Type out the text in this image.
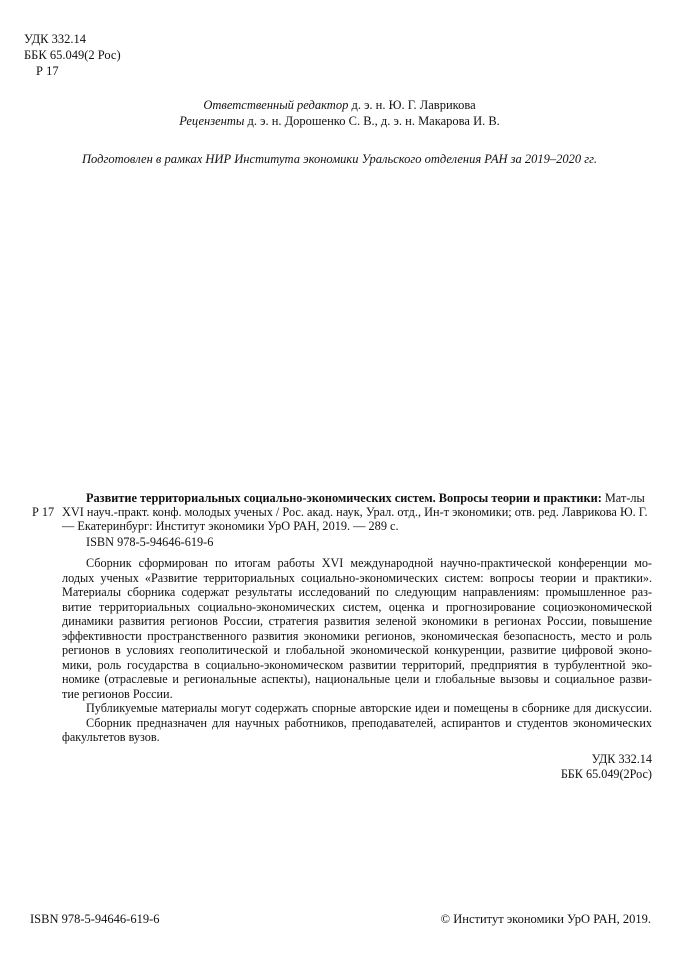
УДК 332.14
ББК 65.049(2 Рос)
Р 17
Ответственный редактор д. э. н. Ю. Г. Лаврикова
Рецензенты д. э. н. Дорошенко С. В., д. э. н. Макарова И. В.
Подготовлен в рамках НИР Института экономики Уральского отделения РАН за 2019–2020 гг.
Р 17
Развитие территориальных социально-экономических систем. Вопросы теории и практики: Мат-лы
XVI науч.-практ. конф. молодых ученых / Рос. акад. наук, Урал. отд., Ин-т экономики; отв. ред. Лаврикова Ю. Г.
— Екатеринбург: Институт экономики УрО РАН, 2019. — 289 с.
ISBN 978-5-94646-619-6
Сборник сформирован по итогам работы XVI международной научно-практической конференции мо-
лодых ученых «Развитие территориальных социально-экономических систем: вопросы теории и практики».
Материалы сборника содержат результаты исследований по следующим направлениям: промышленное раз-
витие территориальных социально-экономических систем, оценка и прогнозирование социоэкономической
динамики развития регионов России, стратегия развития зеленой экономики в регионах России, повышение
эффективности пространственного развития экономики регионов, экономическая безопасность, место и роль
регионов в условиях геополитической и глобальной экономической конкуренции, развитие цифровой эконо-
мики, роль государства в социально-экономическом развитии территорий, предприятия в турбулентной эко-
номике (отраслевые и региональные аспекты), национальные цели и глобальные вызовы и социальное разви-
тие регионов России.
Публикуемые материалы могут содержать спорные авторские идеи и помещены в сборнике для дискуссии.
Сборник предназначен для научных работников, преподавателей, аспирантов и студентов экономических
факультетов вузов.
УДК 332.14
ББК 65.049(2Рос)
ISBN 978-5-94646-619-6	© Институт экономики УрО РАН, 2019.
